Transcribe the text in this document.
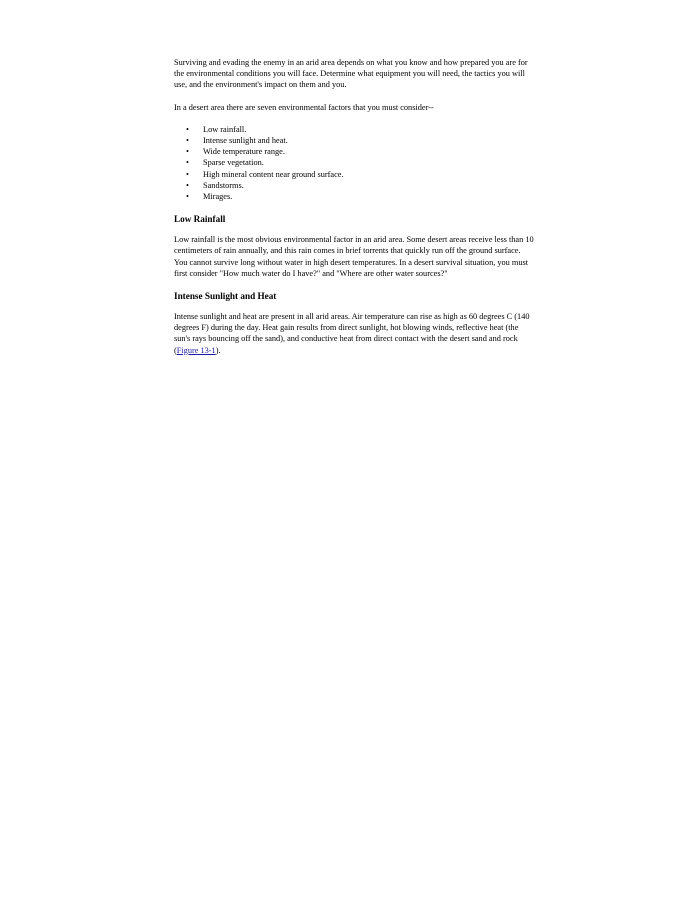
Surviving and evading the enemy in an arid area depends on what you know and how prepared you are for the environmental conditions you will face. Determine what equipment you will need, the tactics you will use, and the environment's impact on them and you.

In a desert area there are seven environmental factors that you must consider--

• Low rainfall.
• Intense sunlight and heat.
• Wide temperature range.
• Sparse vegetation.
• High mineral content near ground surface.
• Sandstorms.
• Mirages.
Low Rainfall

Low rainfall is the most obvious environmental factor in an arid area. Some desert areas receive less than 10 centimeters of rain annually, and this rain comes in brief torrents that quickly run off the ground surface. You cannot survive long without water in high desert temperatures. In a desert survival situation, you must first consider "How much water do I have?" and "Where are other water sources?"

Intense Sunlight and Heat

Intense sunlight and heat are present in all arid areas. Air temperature can rise as high as 60 degrees C (140 degrees F) during the day. Heat gain results from direct sunlight, hot blowing winds, reflective heat (the sun's rays bouncing off the sand), and conductive heat from direct contact with the desert sand and rock (Figure 13-1).
